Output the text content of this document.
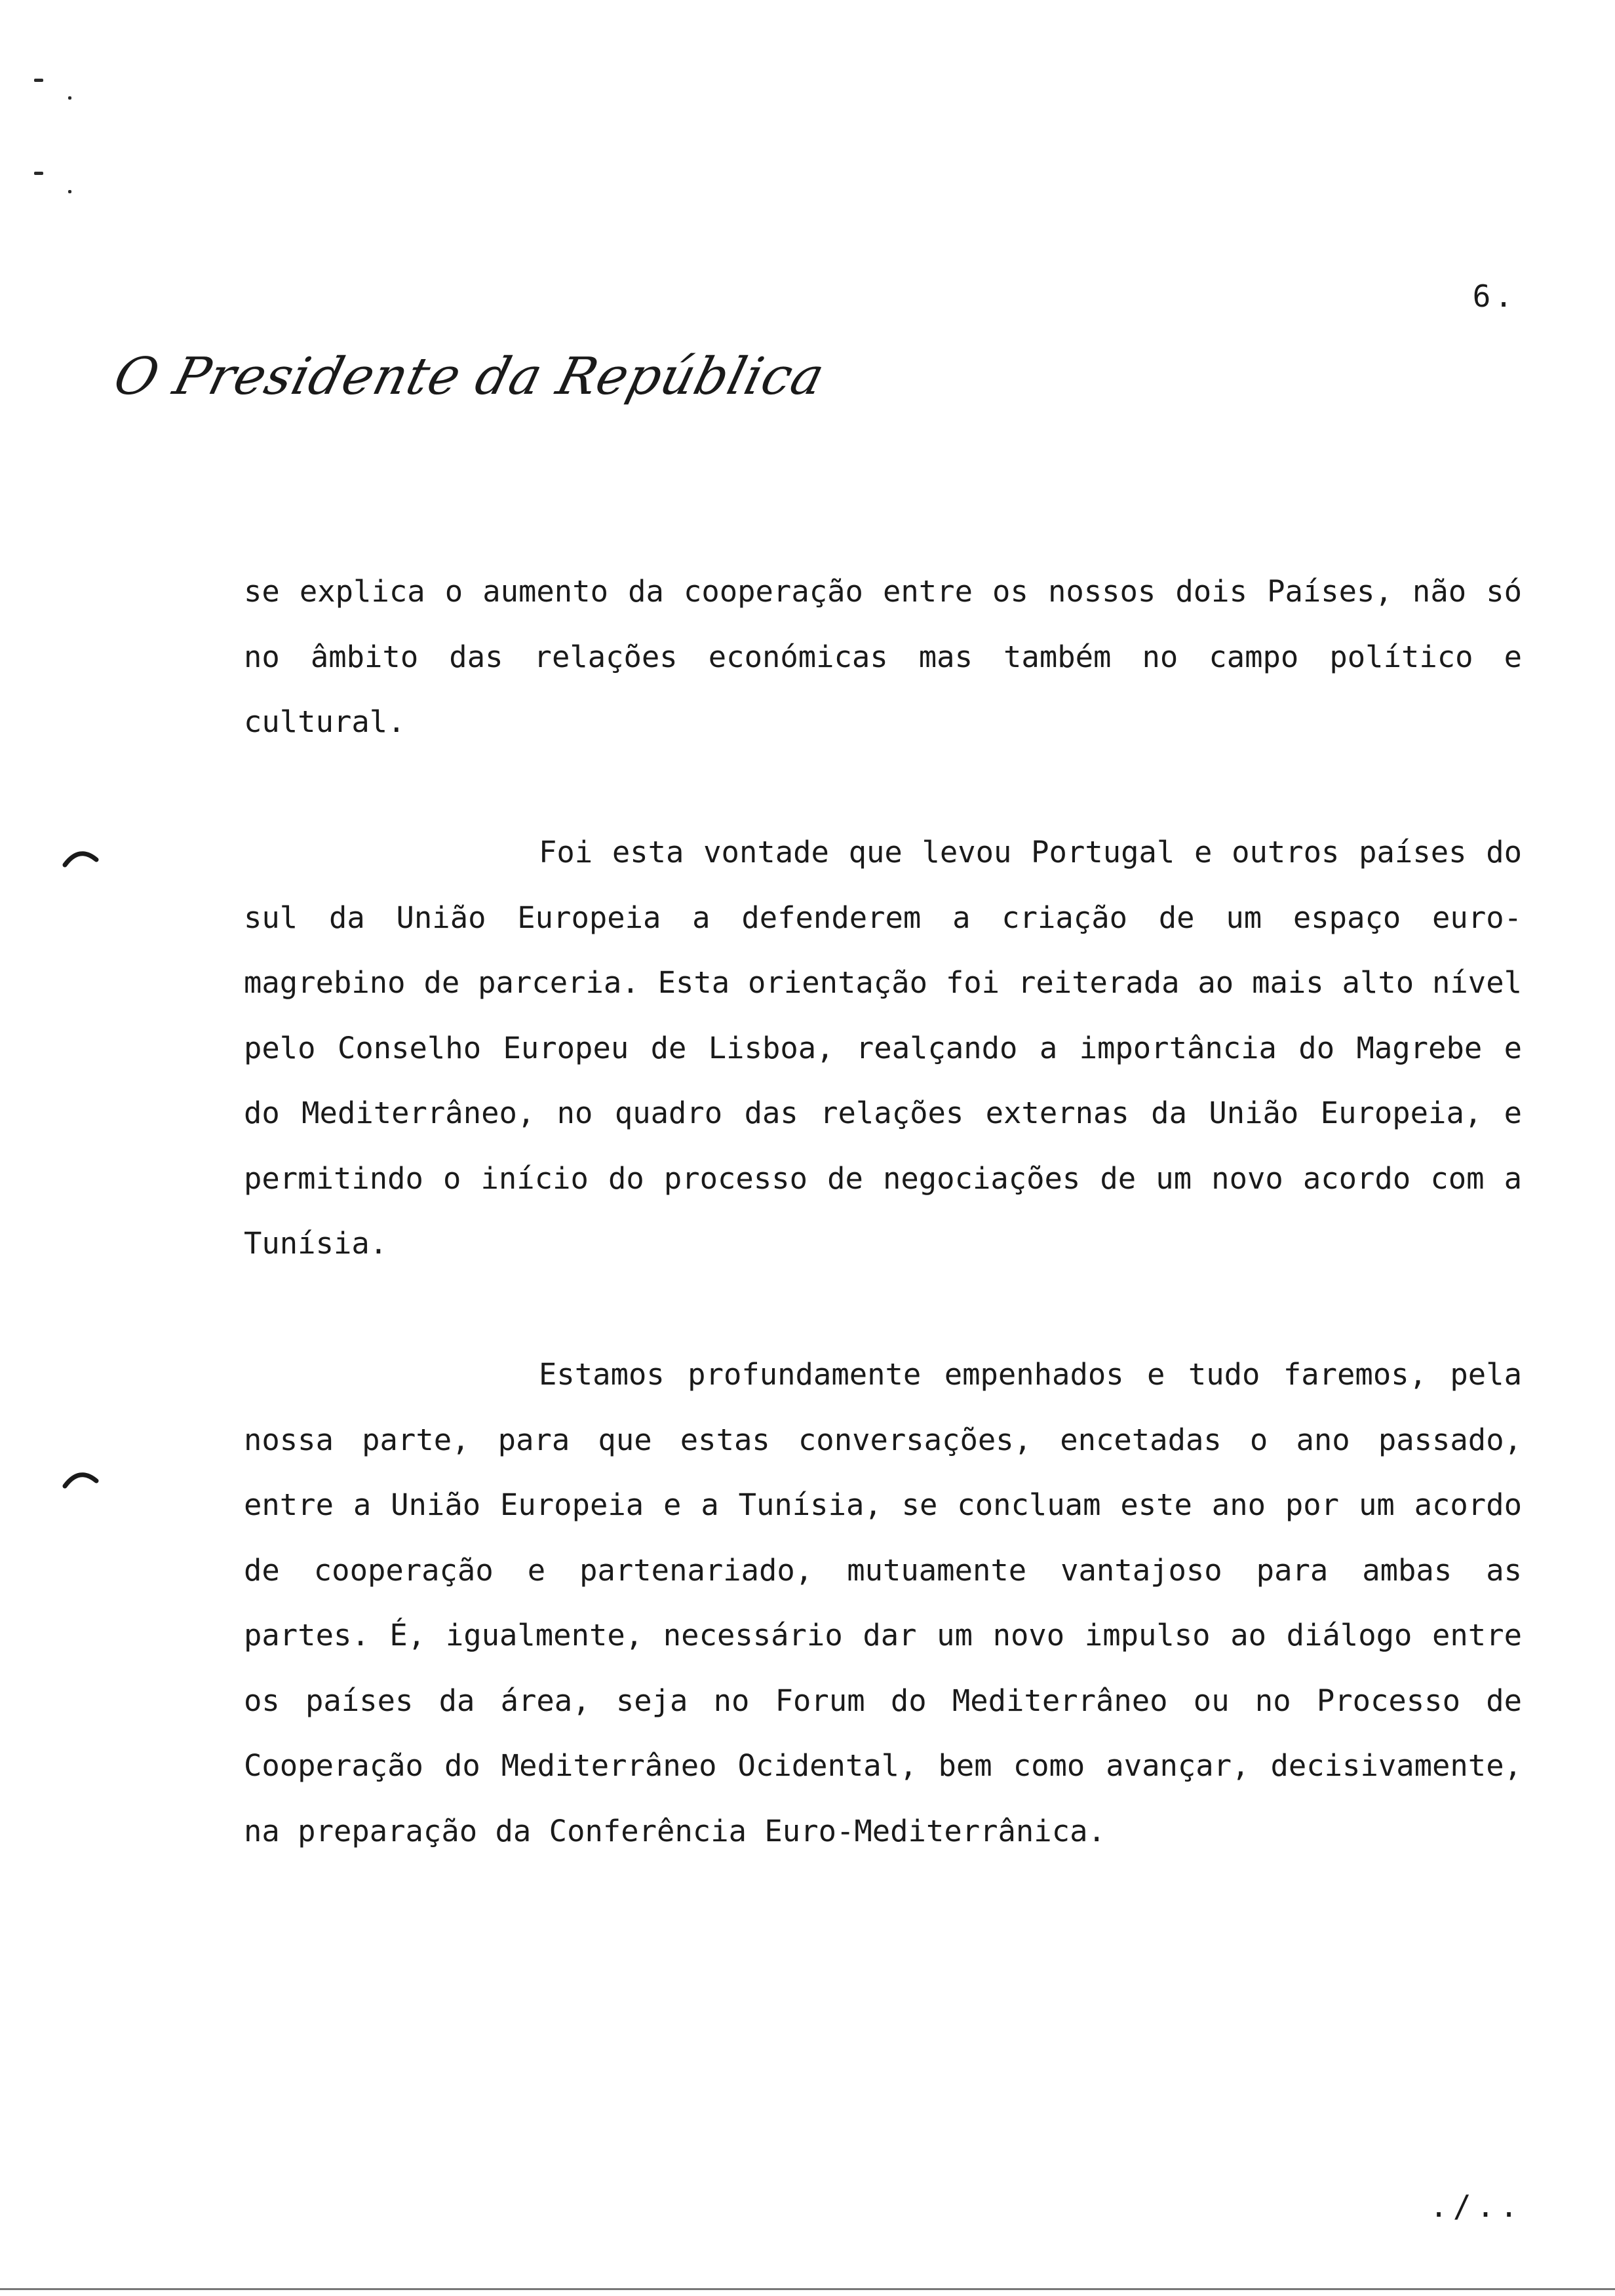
6.
O Presidente da República
se explica o aumento da cooperação entre os nossos dois Países, não só no âmbito das relações económicas mas também no campo político e cultural.
Foi esta vontade que levou Portugal e outros países do sul da União Europeia a defenderem a criação de um espaço euro-magrebino de parceria. Esta orientação foi reiterada ao mais alto nível pelo Conselho Europeu de Lisboa, realçando a importância do Magrebe e do Mediterrâneo, no quadro das relações externas da União Europeia, e permitindo o início do processo de negociações de um novo acordo com a Tunísia.
Estamos profundamente empenhados e tudo faremos, pela nossa parte, para que estas conversações, encetadas o ano passado, entre a União Europeia e a Tunísia, se concluam este ano por um acordo de cooperação e partenariado, mutuamente vantajoso para ambas as partes. É, igualmente, necessário dar um novo impulso ao diálogo entre os países da área, seja no Forum do Mediterrâneo ou no Processo de Cooperação do Mediterrâneo Ocidental, bem como avançar, decisivamente, na preparação da Conferência Euro-Mediterrânica.
./..
